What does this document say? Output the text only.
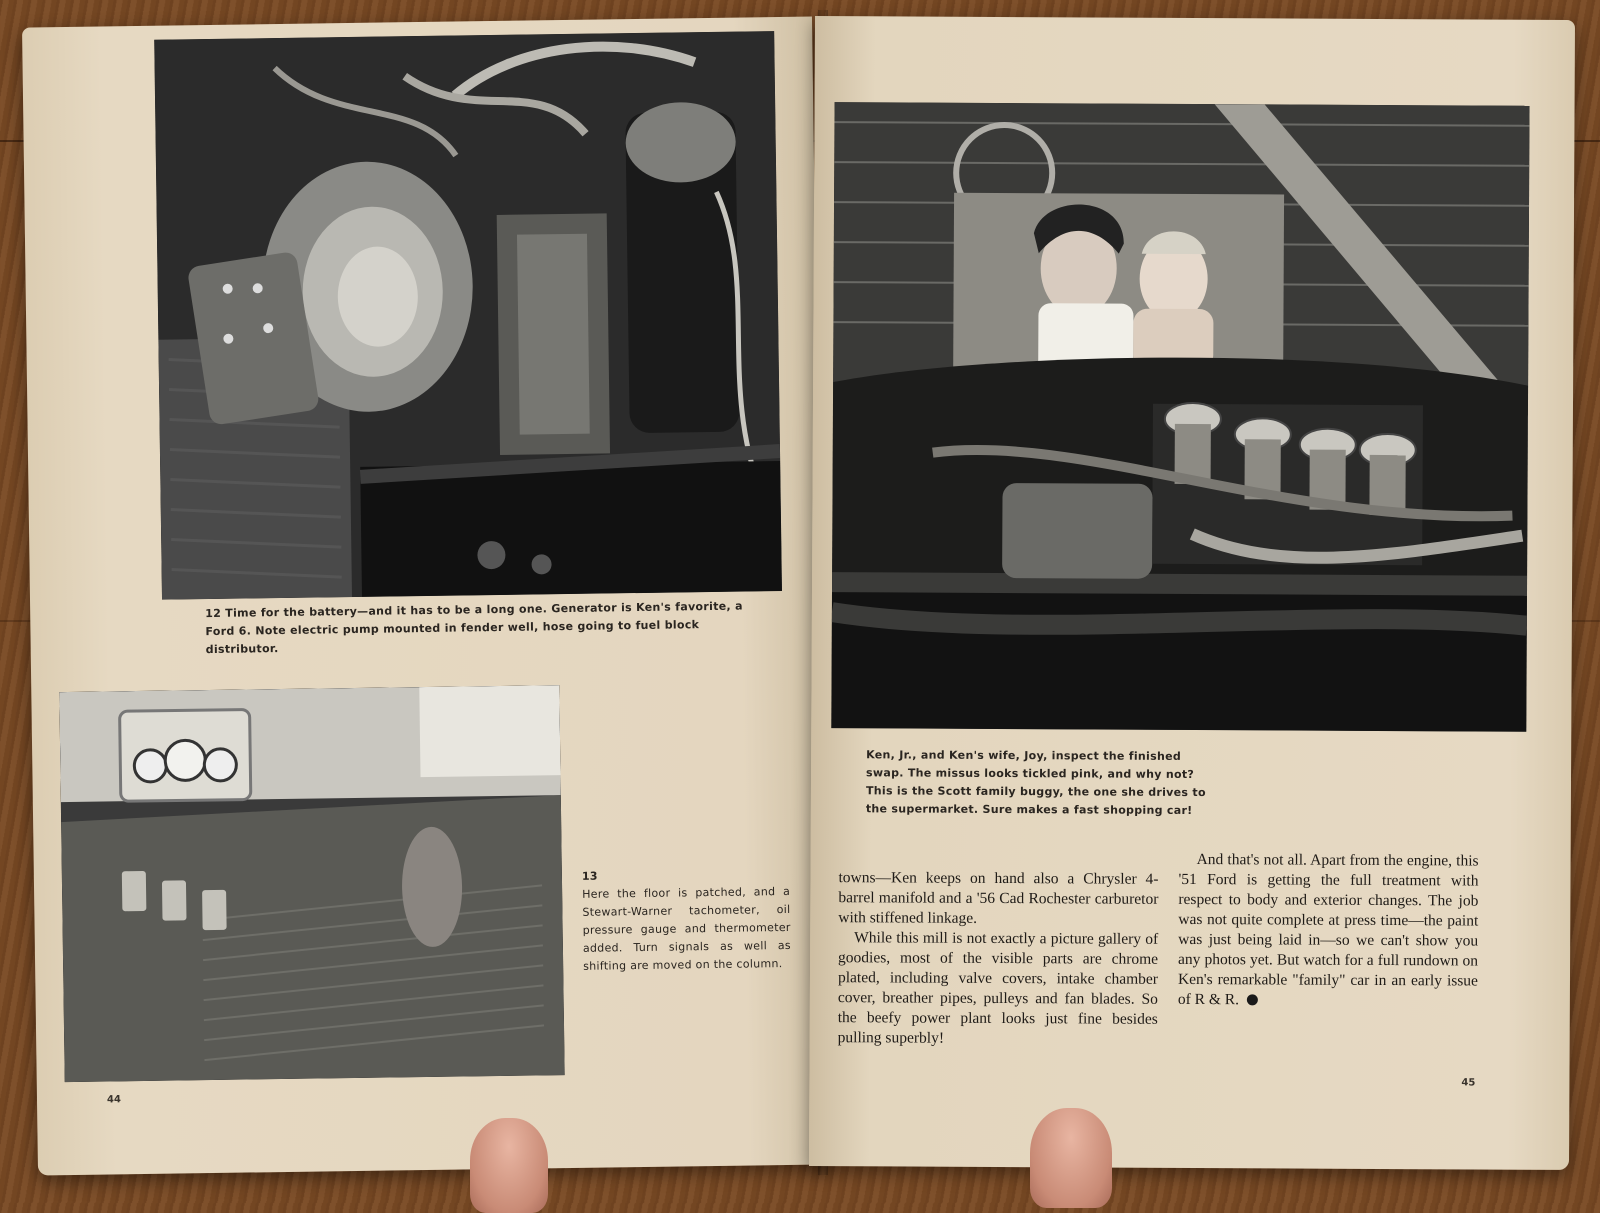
12 Time for the battery—and it has to be a long one. Generator is Ken's favorite, a Ford 6. Note electric pump mounted in fender well, hose going to fuel block distributor.
13
Here the floor is patched, and a Stewart-Warner tachometer, oil pressure gauge and thermometer added. Turn signals as well as shifting are moved on the column.
44
Ken, Jr., and Ken's wife, Joy, inspect the finished swap. The missus looks tickled pink, and why not? This is the Scott family buggy, the one she drives to the supermarket. Sure makes a fast shopping car!

towns—Ken keeps on hand also a Chrysler 4-barrel manifold and a '56 Cad Rochester carburetor with stiffened linkage.

While this mill is not exactly a picture gallery of goodies, most of the visible parts are chrome plated, including valve covers, intake chamber cover, breather pipes, pulleys and fan blades. So the beefy power plant looks just fine besides pulling superbly!

And that's not all. Apart from the engine, this '51 Ford is getting the full treatment with respect to body and exterior changes. The job was not quite complete at press time—the paint was just being laid in—so we can't show you any photos yet. But watch for a full rundown on Ken's remarkable "family" car in an early issue of R & R.

45
